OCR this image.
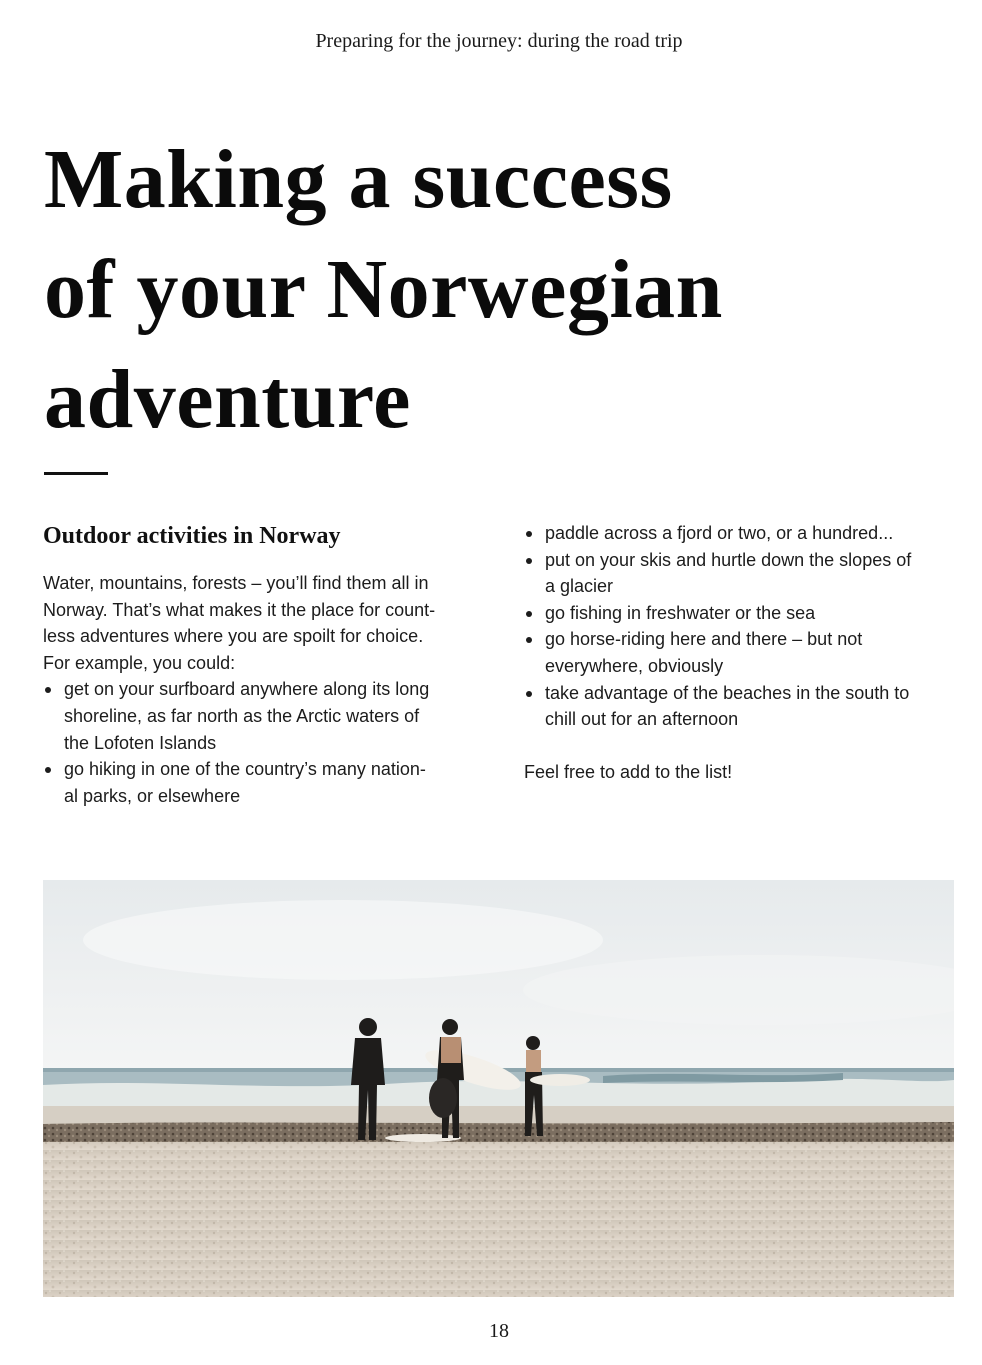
Preparing for the journey: during the road trip
Making a success
of your Norwegian
adventure
Outdoor activities in Norway

Water, mountains, forests – you’ll find them all in
Norway. That’s what makes it the place for count-
less adventures where you are spoilt for choice.
For example, you could:

get on your surfboard anywhere along its long
shoreline, as far north as the Arctic waters of
the Lofoten Islands
go hiking in one of the country’s many nation-
al parks, or elsewhere
paddle across a fjord or two, or a hundred...
put on your skis and hurtle down the slopes of
a glacier
go fishing in freshwater or the sea
go horse-riding here and there – but not
everywhere, obviously
take advantage of the beaches in the south to
chill out for an afternoon

Feel free to add to the list!

18
